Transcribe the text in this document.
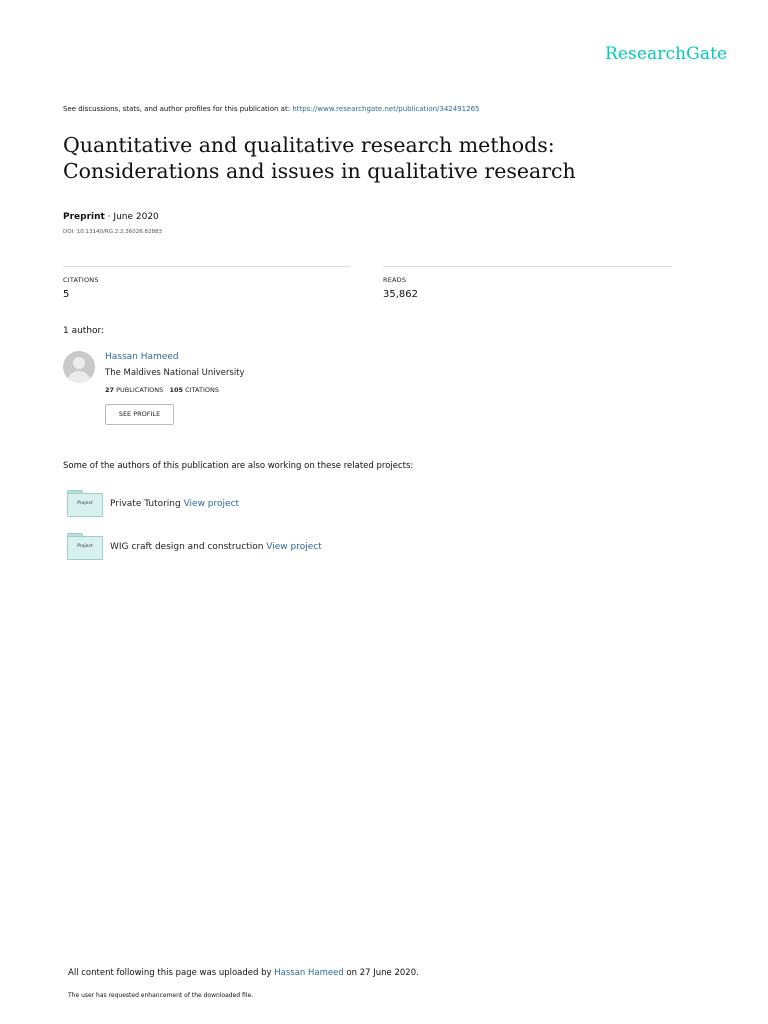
ResearchGate
See discussions, stats, and author profiles for this publication at: https://www.researchgate.net/publication/342491265
Quantitative and qualitative research methods:
Considerations and issues in qualitative research
Preprint · June 2020
DOI: 10.13140/RG.2.2.36026.82883
CITATIONS
5
READS
35,862
1 author:
Hassan Hameed
The Maldives National University
27 PUBLICATIONS 105 CITATIONS
SEE PROFILE
Some of the authors of this publication are also working on these related projects:
Project	Private Tutoring View project
Project	WIG craft design and construction View project
All content following this page was uploaded by Hassan Hameed on 27 June 2020.
The user has requested enhancement of the downloaded file.
